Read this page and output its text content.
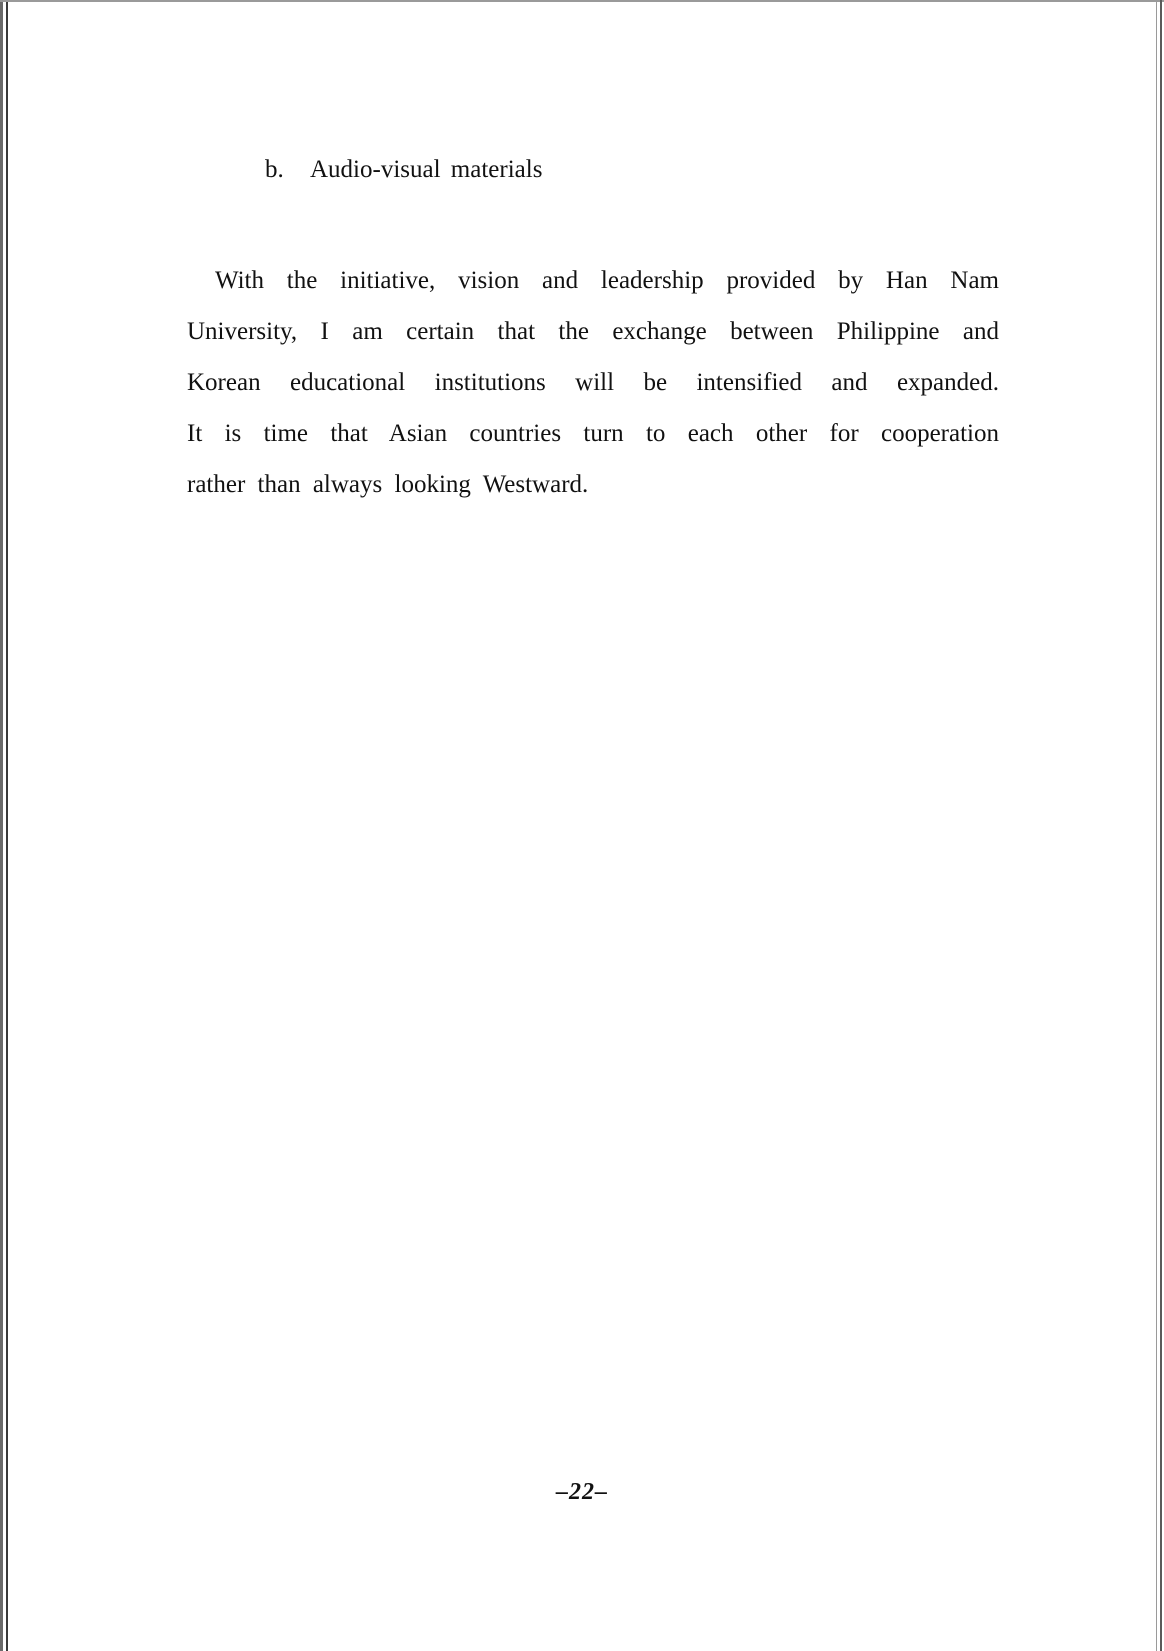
b. Audio-visual materials

With the initiative, vision and leadership provided by Han Nam
University, I am certain that the exchange between Philippine and
Korean educational institutions will be intensified and expanded.
It is time that Asian countries turn to each other for cooperation
rather than always looking Westward.

–22–
